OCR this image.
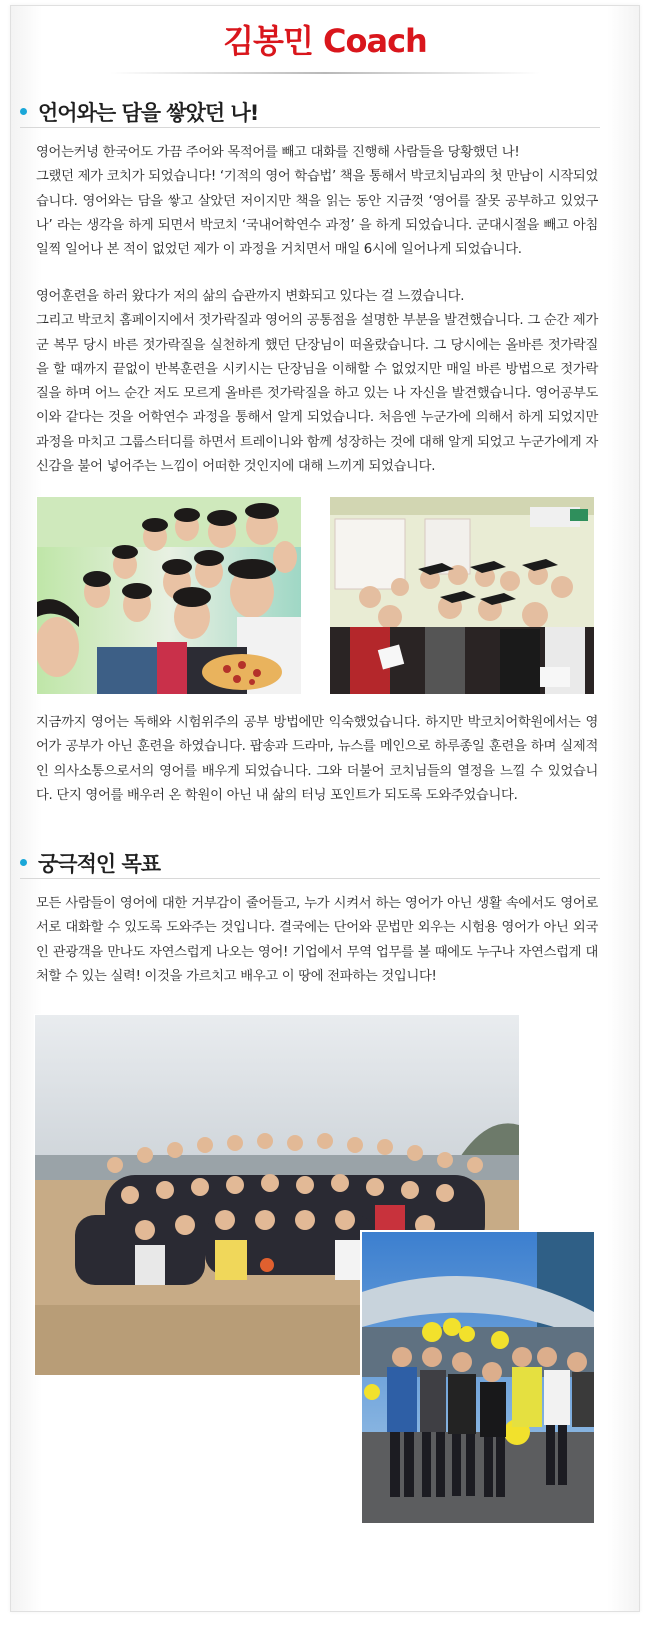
김봉민 Coach
언어와는 담을 쌓았던 나!

영어는커녕 한국어도 가끔 주어와 목적어를 빼고 대화를 진행해 사람들을 당황했던 나!

그랬던 제가 코치가 되었습니다! ‘기적의 영어 학습법’ 책을 통해서 박코치님과의 첫 만남이 시작되었습니다. 영어와는 담을 쌓고 살았던 저이지만 책을 읽는 동안 지금껏 ‘영어를 잘못 공부하고 있었구나’ 라는 생각을 하게 되면서 박코치 ‘국내어학연수 과정’ 을 하게 되었습니다. 군대시절을 빼고 아침 일찍 일어나 본 적이 없었던 제가 이 과정을 거치면서 매일 6시에 일어나게 되었습니다.

영어훈련을 하러 왔다가 저의 삶의 습관까지 변화되고 있다는 걸 느꼈습니다.

그리고 박코치 홈페이지에서 젓가락질과 영어의 공통점을 설명한 부분을 발견했습니다. 그 순간 제가 군 복무 당시 바른 젓가락질을 실천하게 했던 단장님이 떠올랐습니다. 그 당시에는 올바른 젓가락질을 할 때까지 끝없이 반복훈련을 시키시는 단장님을 이해할 수 없었지만 매일 바른 방법으로 젓가락질을 하며 어느 순간 저도 모르게 올바른 젓가락질을 하고 있는 나 자신을 발견했습니다. 영어공부도 이와 같다는 것을 어학연수 과정을 통해서 알게 되었습니다. 처음엔 누군가에 의해서 하게 되었지만 과정을 마치고 그룹스터디를 하면서 트레이니와 함께 성장하는 것에 대해 알게 되었고 누군가에게 자신감을 불어 넣어주는 느낌이 어떠한 것인지에 대해 느끼게 되었습니다.

지금까지 영어는 독해와 시험위주의 공부 방법에만 익숙했었습니다. 하지만 박코치어학원에서는 영어가 공부가 아닌 훈련을 하였습니다. 팝송과 드라마, 뉴스를 메인으로 하루종일 훈련을 하며 실제적인 의사소통으로서의 영어를 배우게 되었습니다. 그와 더불어 코치님들의 열정을 느낄 수 있었습니다. 단지 영어를 배우러 온 학원이 아닌 내 삶의 터닝 포인트가 되도록 도와주었습니다.

궁극적인 목표

모든 사람들이 영어에 대한 거부감이 줄어들고, 누가 시켜서 하는 영어가 아닌 생활 속에서도 영어로 서로 대화할 수 있도록 도와주는 것입니다. 결국에는 단어와 문법만 외우는 시험용 영어가 아닌 외국인 관광객을 만나도 자연스럽게 나오는 영어! 기업에서 무역 업무를 볼 때에도 누구나 자연스럽게 대처할 수 있는 실력! 이것을 가르치고 배우고 이 땅에 전파하는 것입니다!
